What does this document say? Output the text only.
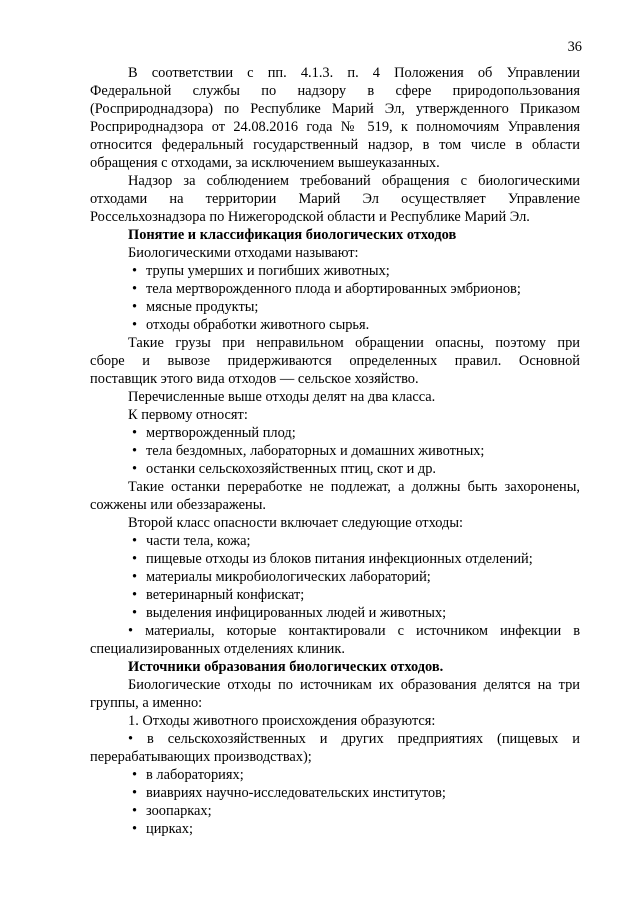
36

В соответствии с пп. 4.1.3. п. 4 Положения об Управлении

Федеральной службы по надзору в сфере природопользования

(Росприроднадзора) по Республике Марий Эл, утвержденного Приказом

Росприроднадзора от 24.08.2016 года № 519, к полномочиям Управления

относится федеральный государственный надзор, в том числе в области

обращения с отходами, за исключением вышеуказанных.

Надзор за соблюдением требований обращения с биологическими

отходами на территории Марий Эл осуществляет Управление

Россельхознадзора по Нижегородской области и Республике Марий Эл.

Понятие и классификация биологических отходов

Биологическими отходами называют:

• трупы умерших и погибших животных;

• тела мертворожденного плода и абортированных эмбрионов;

• мясные продукты;

• отходы обработки животного сырья.

Такие грузы при неправильном обращении опасны, поэтому при

сборе и вывозе придерживаются определенных правил. Основной

поставщик этого вида отходов — сельское хозяйство.

Перечисленные выше отходы делят на два класса.

К первому относят:

• мертворожденный плод;

• тела бездомных, лабораторных и домашних животных;

• останки сельскохозяйственных птиц, скот и др.

Такие останки переработке не подлежат, а должны быть захоронены,

сожжены или обеззаражены.

Второй класс опасности включает следующие отходы:

• части тела, кожа;

• пищевые отходы из блоков питания инфекционных отделений;

• материалы микробиологических лабораторий;

• ветеринарный конфискат;

• выделения инфицированных людей и животных;

• материалы, которые контактировали с источником инфекции в

специализированных отделениях клиник.

Источники образования биологических отходов.

Биологические отходы по источникам их образования делятся на три

группы, а именно:

1. Отходы животного происхождения образуются:

• в сельскохозяйственных и других предприятиях (пищевых и

перерабатывающих производствах);

• в лабораториях;

• виавриях научно-исследовательских институтов;

• зоопарках;

• цирках;
